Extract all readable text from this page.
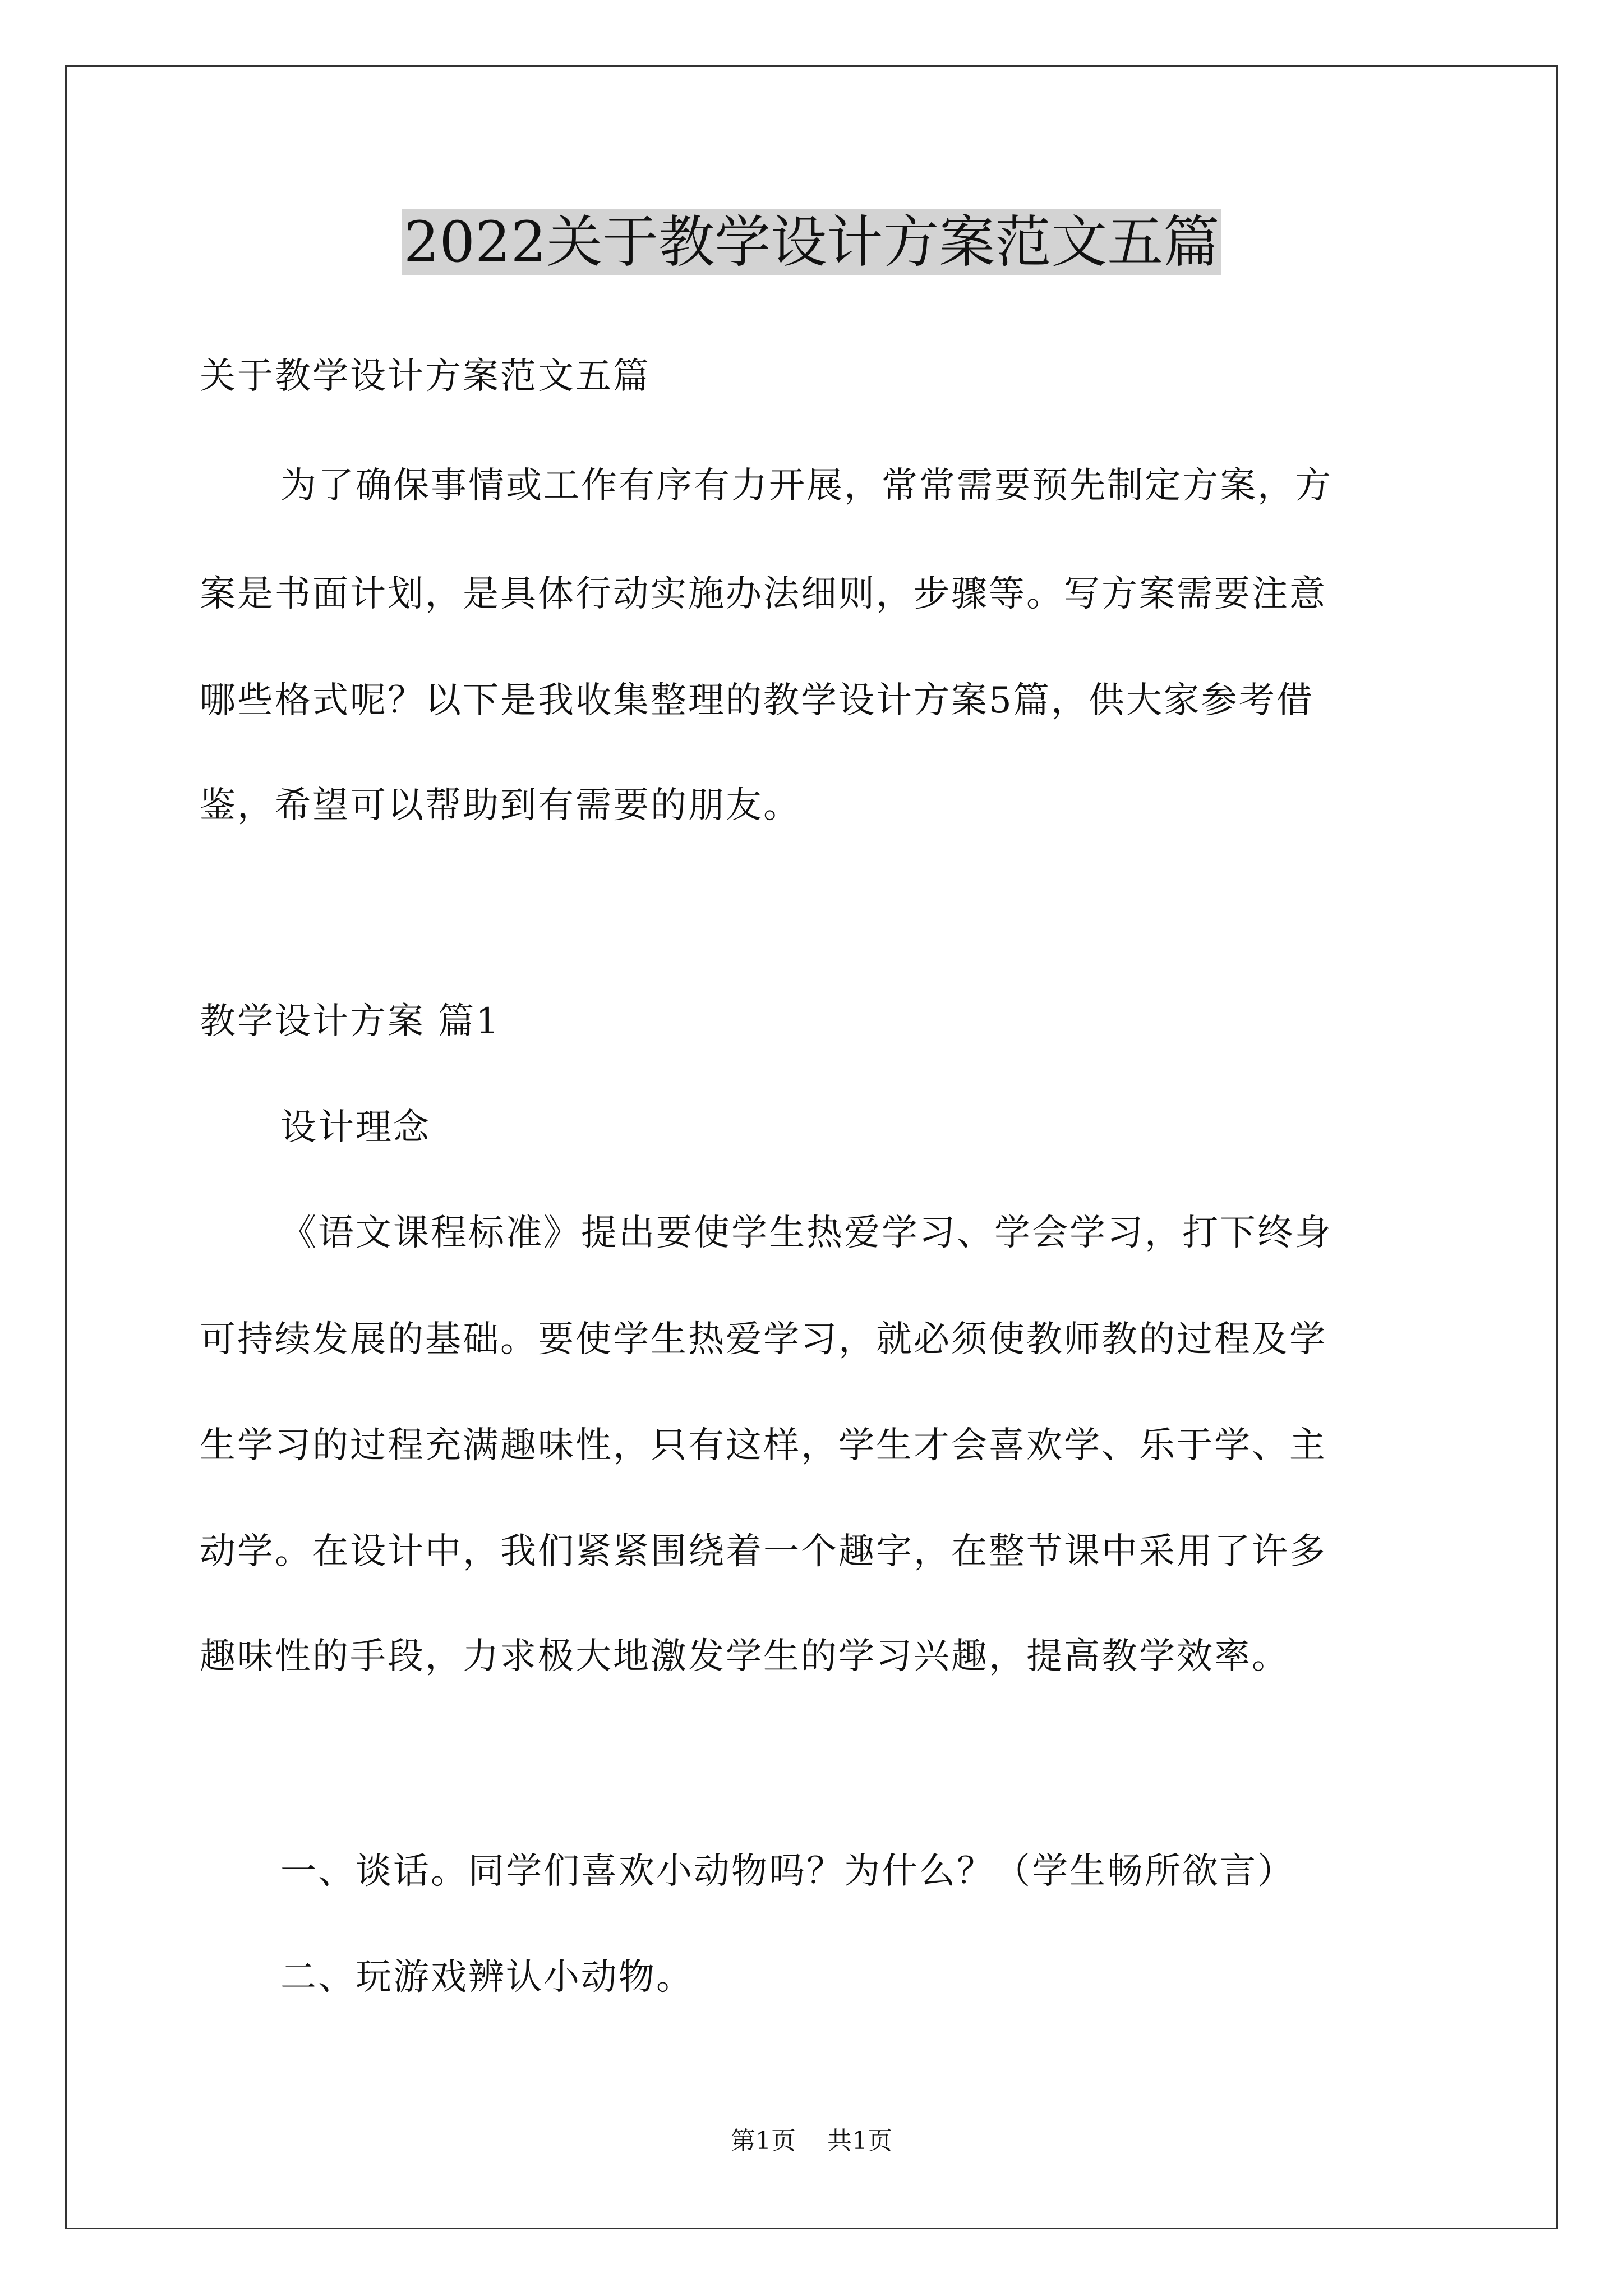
2022关于教学设计方案范文五篇

关于教学设计方案范文五篇

为了确保事情或工作有序有力开展，常常需要预先制定方案，方

案是书面计划，是具体行动实施办法细则，步骤等。写方案需要注意

哪些格式呢？以下是我收集整理的教学设计方案5篇，供大家参考借

鉴，希望可以帮助到有需要的朋友。

教学设计方案 篇1

设计理念

《语文课程标准》提出要使学生热爱学习、学会学习，打下终身

可持续发展的基础。要使学生热爱学习，就必须使教师教的过程及学

生学习的过程充满趣味性，只有这样，学生才会喜欢学、乐于学、主

动学。在设计中，我们紧紧围绕着一个趣字，在整节课中采用了许多

趣味性的手段，力求极大地激发学生的学习兴趣，提高教学效率。

一、谈话。同学们喜欢小动物吗？为什么？（学生畅所欲言）

二、玩游戏辨认小动物。

第1页 共1页
